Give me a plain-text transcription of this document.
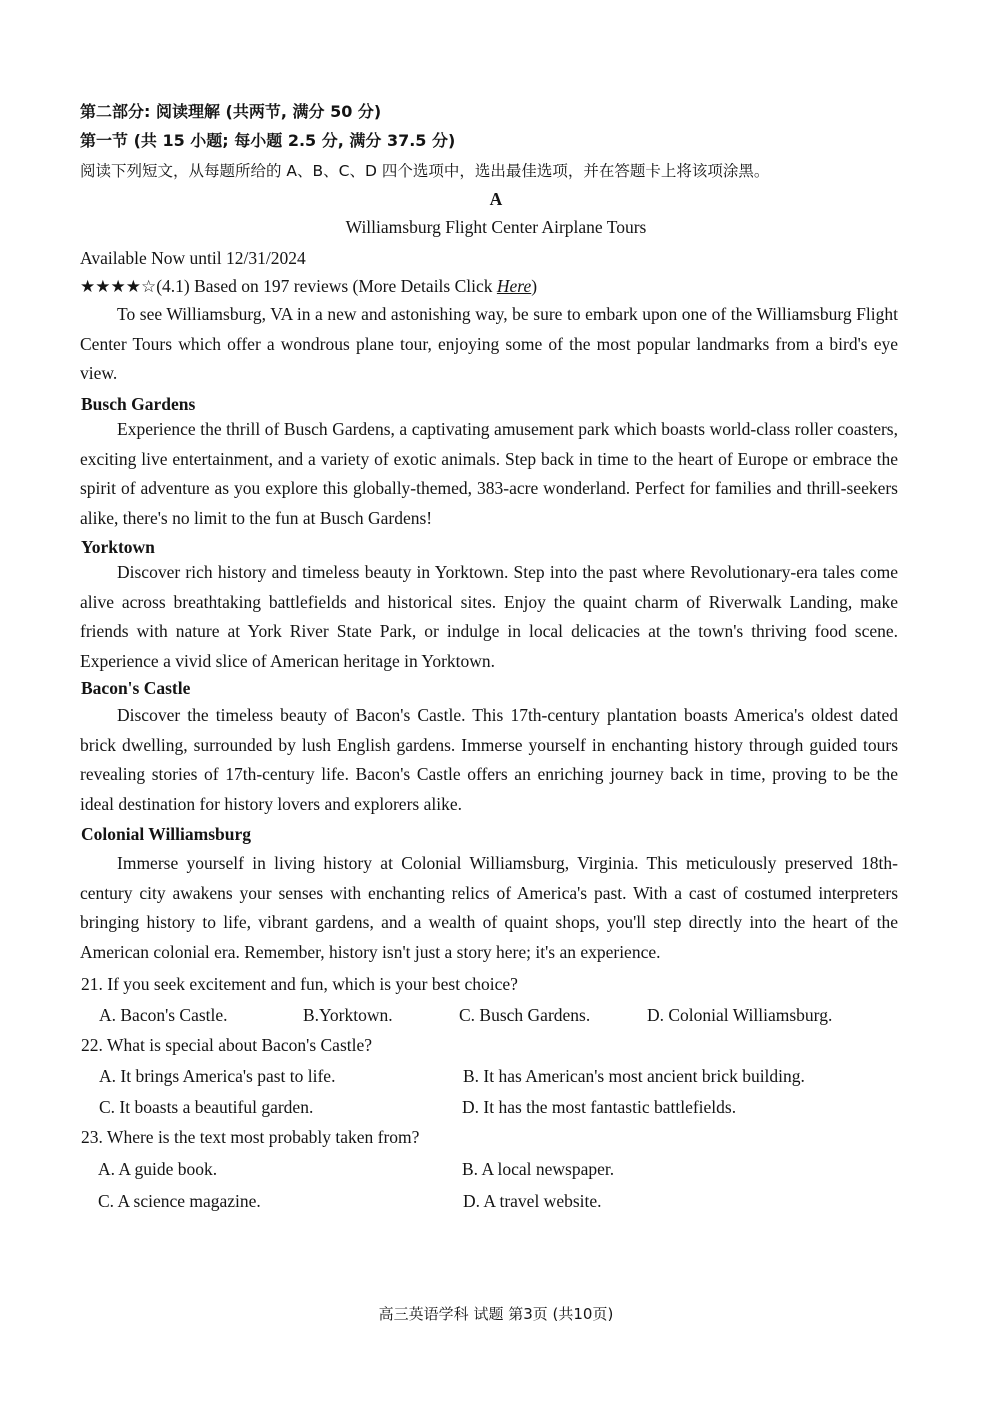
第二部分: 阅读理解 (共两节, 满分 50 分)
第一节 (共 15 小题; 每小题 2.5 分, 满分 37.5 分)
阅读下列短文，从每题所给的 A、B、C、D 四个选项中，选出最佳选项，并在答题卡上将该项涂黑。
A
Williamsburg Flight Center Airplane Tours
Available Now until 12/31/2024
★★★★☆(4.1) Based on 197 reviews (More Details Click Here)
To see Williamsburg, VA in a new and astonishing way, be sure to embark upon one of the Williamsburg Flight Center Tours which offer a wondrous plane tour, enjoying some of the most popular landmarks from a bird's eye view.
Busch Gardens
Experience the thrill of Busch Gardens, a captivating amusement park which boasts world-class roller coasters, exciting live entertainment, and a variety of exotic animals. Step back in time to the heart of Europe or embrace the spirit of adventure as you explore this globally-themed, 383-acre wonderland. Perfect for families and thrill-seekers alike, there's no limit to the fun at Busch Gardens!
Yorktown
Discover rich history and timeless beauty in Yorktown. Step into the past where Revolutionary-era tales come alive across breathtaking battlefields and historical sites. Enjoy the quaint charm of Riverwalk Landing, make friends with nature at York River State Park, or indulge in local delicacies at the town's thriving food scene. Experience a vivid slice of American heritage in Yorktown.
Bacon's Castle
Discover the timeless beauty of Bacon's Castle. This 17th-century plantation boasts America's oldest dated brick dwelling, surrounded by lush English gardens. Immerse yourself in enchanting history through guided tours revealing stories of 17th-century life. Bacon's Castle offers an enriching journey back in time, proving to be the ideal destination for history lovers and explorers alike.
Colonial Williamsburg
Immerse yourself in living history at Colonial Williamsburg, Virginia. This meticulously preserved 18th-century city awakens your senses with enchanting relics of America's past. With a cast of costumed interpreters bringing history to life, vibrant gardens, and a wealth of quaint shops, you'll step directly into the heart of the American colonial era. Remember, history isn't just a story here; it's an experience.
21. If you seek excitement and fun, which is your best choice?
A. Bacon's Castle.	B.Yorktown.	C. Busch Gardens.	D. Colonial Williamsburg.
22. What is special about Bacon's Castle?
A. It brings America's past to life.	B. It has American's most ancient brick building.
C. It boasts a beautiful garden.	D. It has the most fantastic battlefields.
23. Where is the text most probably taken from?
A. A guide book.	B. A local newspaper.
C. A science magazine.	D. A travel website.
高三英语学科 试题 第3页 (共10页)
